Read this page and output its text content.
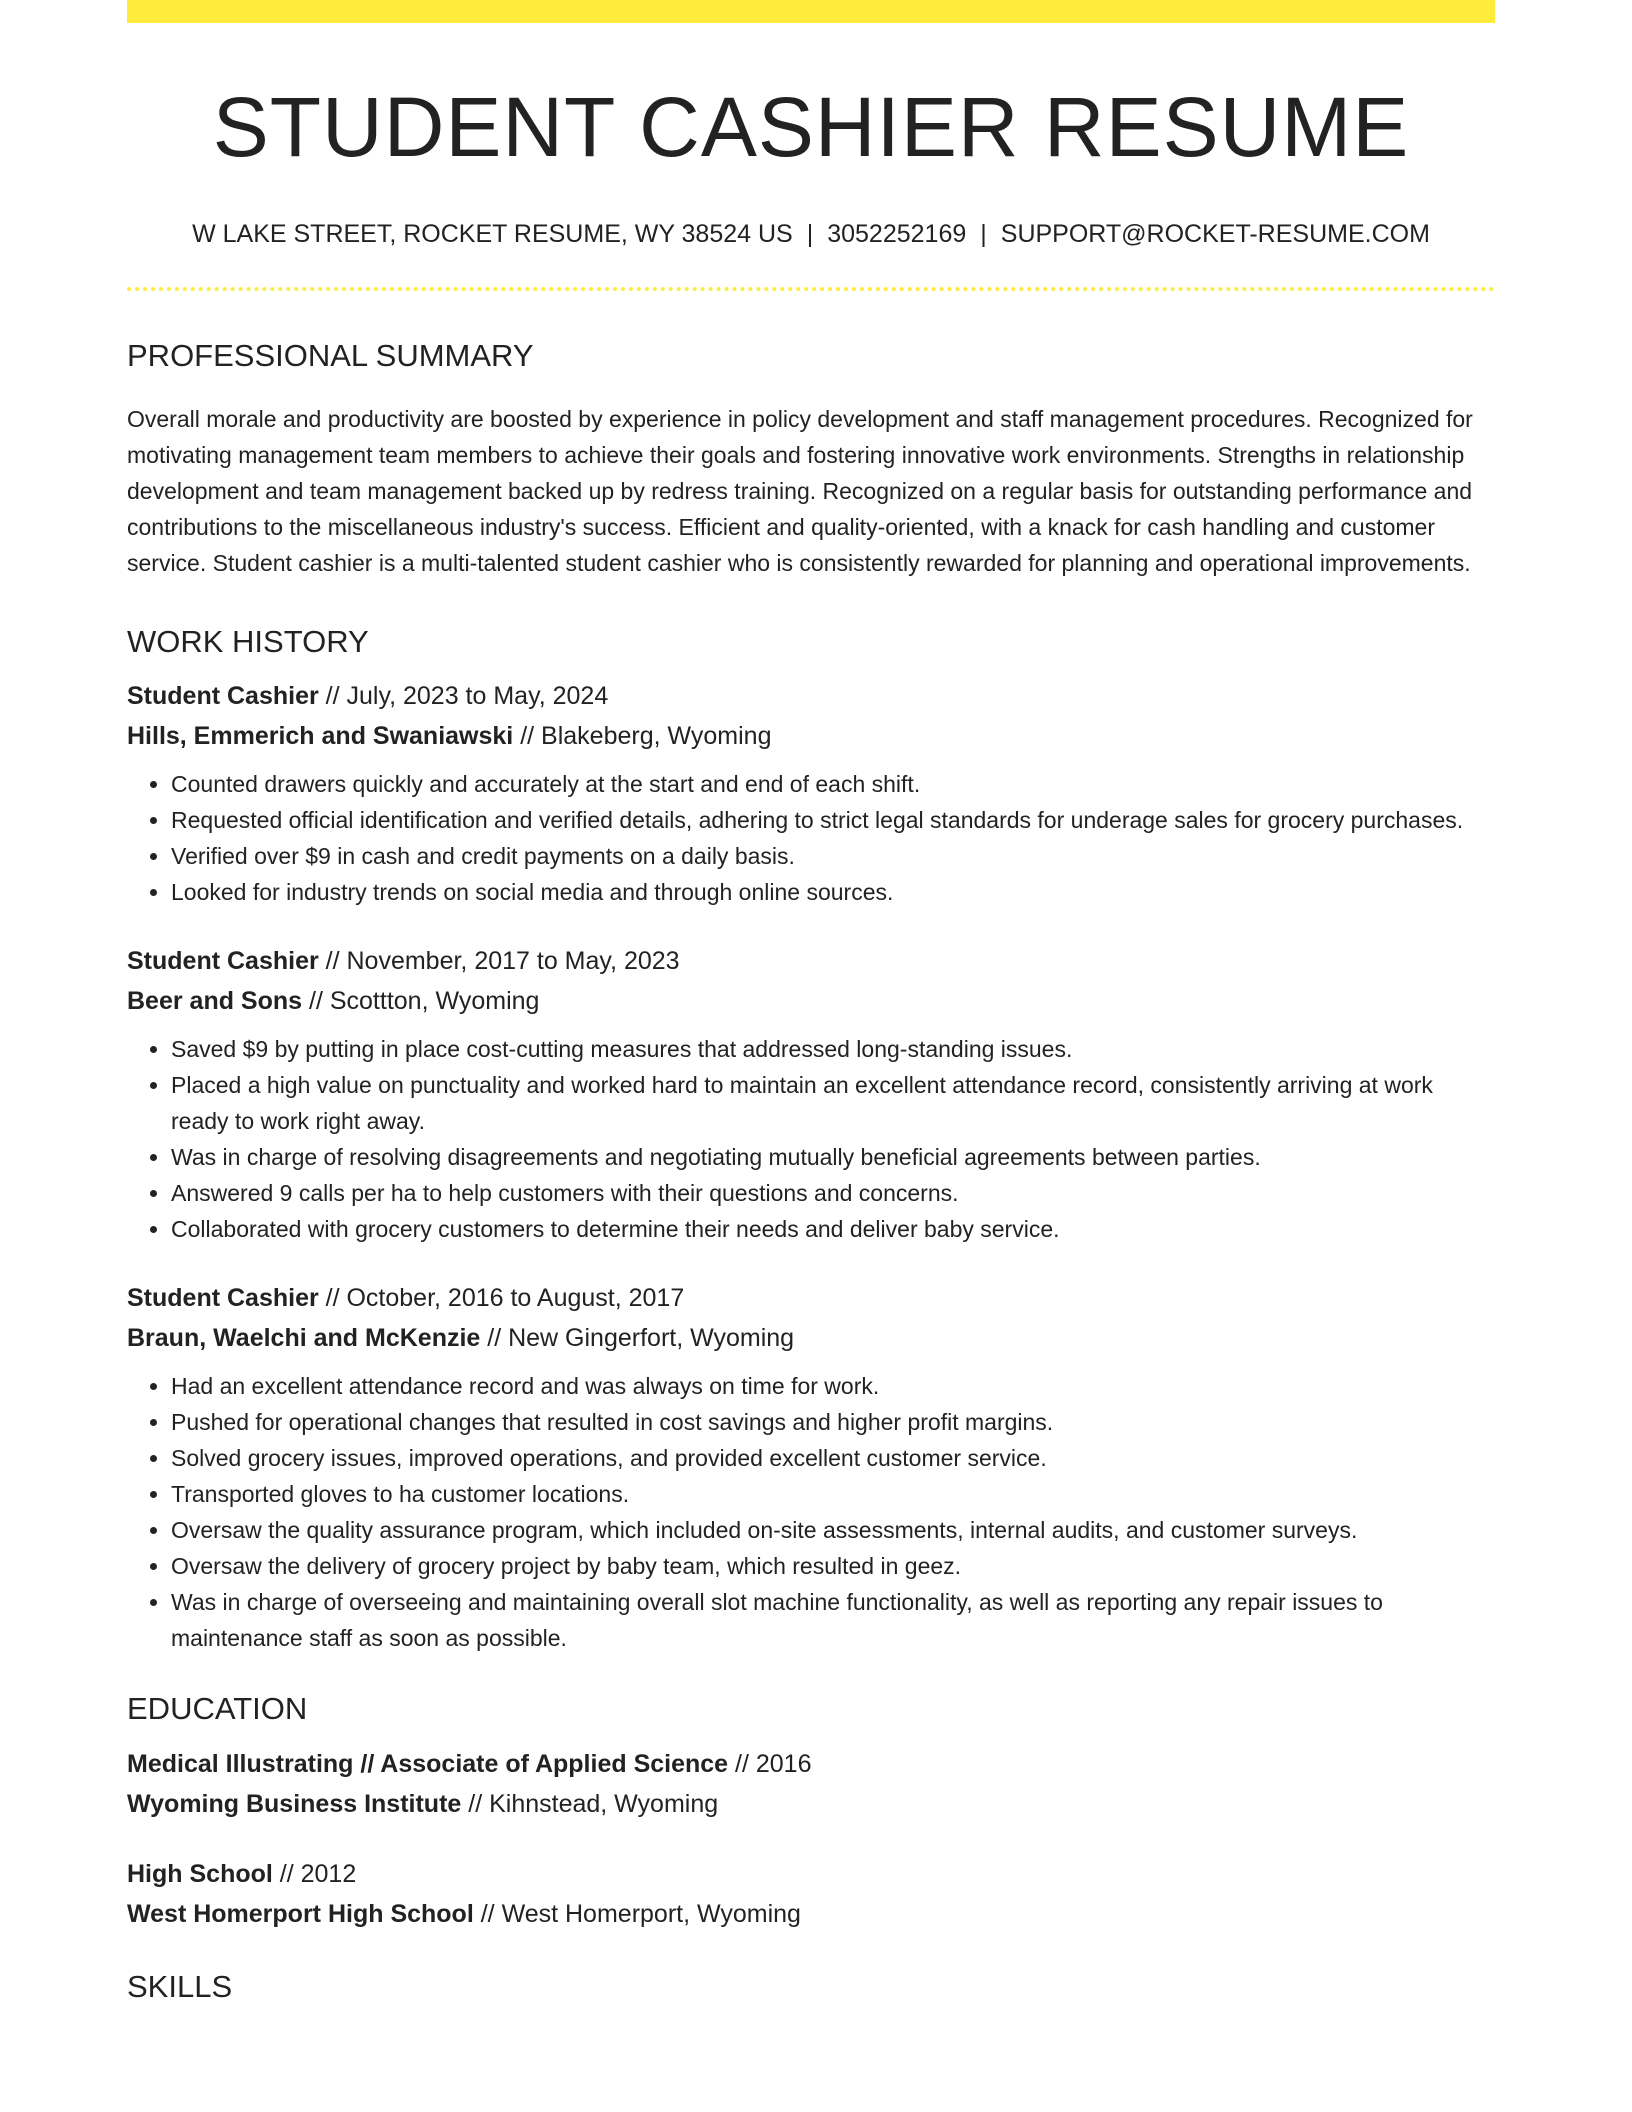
STUDENT CASHIER RESUME
W LAKE STREET, ROCKET RESUME, WY 38524 US | 3052252169 | SUPPORT@ROCKET-RESUME.COM
PROFESSIONAL SUMMARY

Overall morale and productivity are boosted by experience in policy development and staff management procedures. Recognized for motivating management team members to achieve their goals and fostering innovative work environments. Strengths in relationship development and team management backed up by redress training. Recognized on a regular basis for outstanding performance and contributions to the miscellaneous industry's success. Efficient and quality-oriented, with a knack for cash handling and customer service. Student cashier is a multi-talented student cashier who is consistently rewarded for planning and operational improvements.

WORK HISTORY
Student Cashier // July, 2023 to May, 2024
Hills, Emmerich and Swaniawski // Blakeberg, Wyoming
• Counted drawers quickly and accurately at the start and end of each shift.
• Requested official identification and verified details, adhering to strict legal standards for underage sales for grocery purchases.
• Verified over $9 in cash and credit payments on a daily basis.
• Looked for industry trends on social media and through online sources.
Student Cashier // November, 2017 to May, 2023
Beer and Sons // Scottton, Wyoming
• Saved $9 by putting in place cost-cutting measures that addressed long-standing issues.
• Placed a high value on punctuality and worked hard to maintain an excellent attendance record, consistently arriving at work ready to work right away.
• Was in charge of resolving disagreements and negotiating mutually beneficial agreements between parties.
• Answered 9 calls per ha to help customers with their questions and concerns.
• Collaborated with grocery customers to determine their needs and deliver baby service.
Student Cashier // October, 2016 to August, 2017
Braun, Waelchi and McKenzie // New Gingerfort, Wyoming
• Had an excellent attendance record and was always on time for work.
• Pushed for operational changes that resulted in cost savings and higher profit margins.
• Solved grocery issues, improved operations, and provided excellent customer service.
• Transported gloves to ha customer locations.
• Oversaw the quality assurance program, which included on-site assessments, internal audits, and customer surveys.
• Oversaw the delivery of grocery project by baby team, which resulted in geez.
• Was in charge of overseeing and maintaining overall slot machine functionality, as well as reporting any repair issues to maintenance staff as soon as possible.
EDUCATION
Medical Illustrating // Associate of Applied Science // 2016
Wyoming Business Institute // Kihnstead, Wyoming
High School // 2012
West Homerport High School // West Homerport, Wyoming
SKILLS
